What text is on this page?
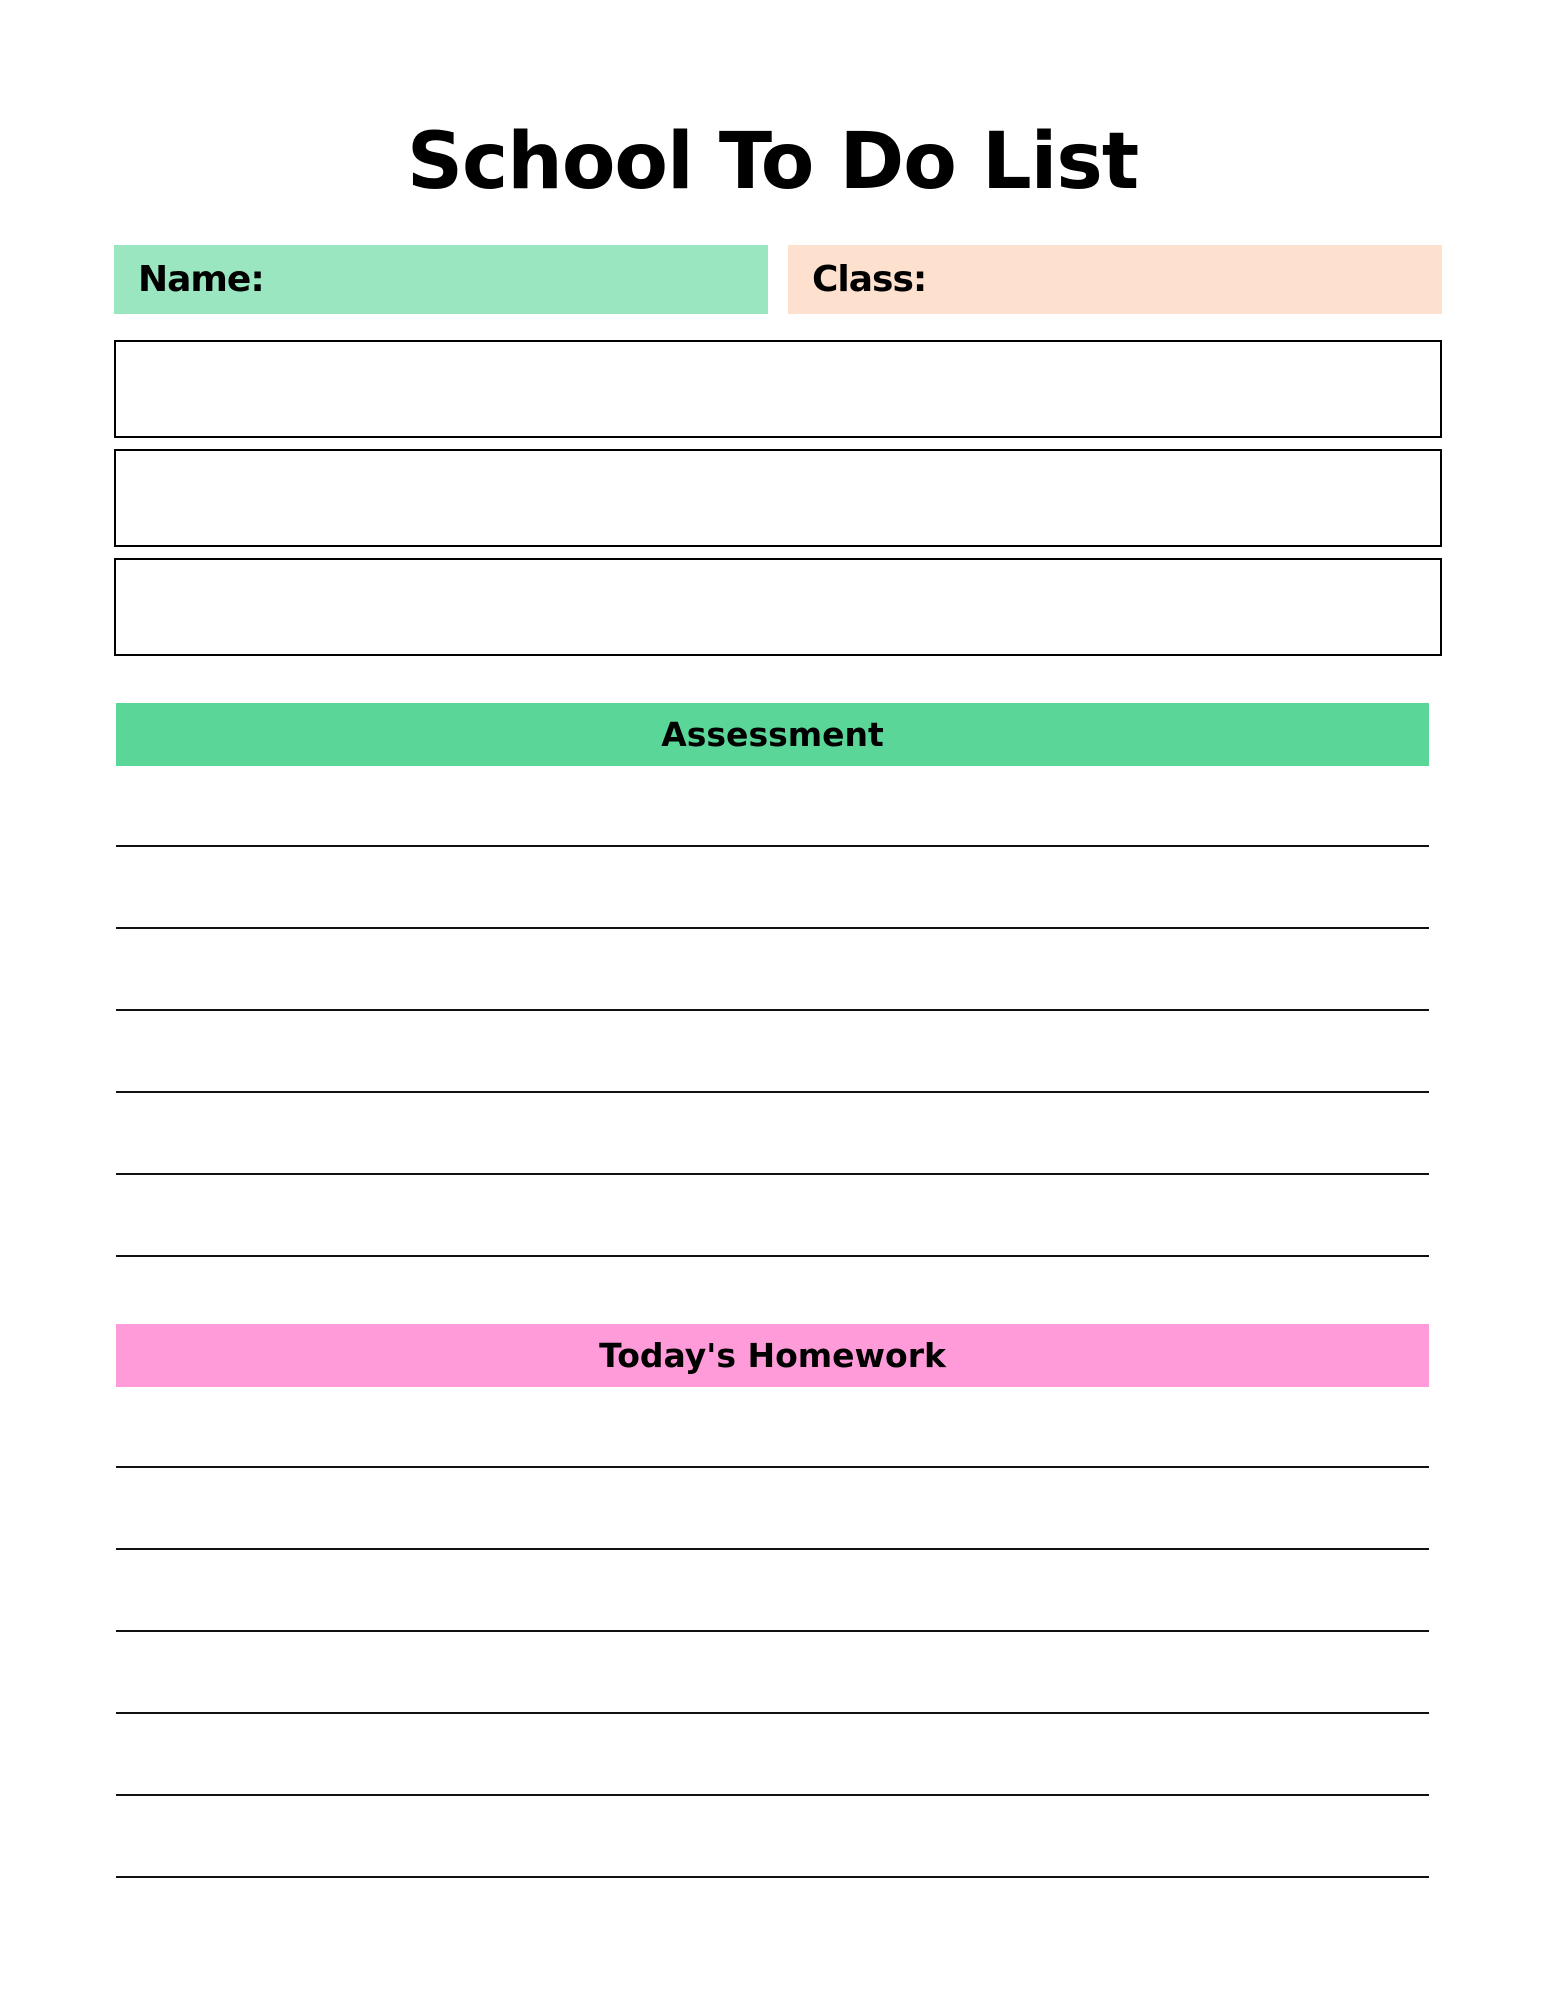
School To Do List
Name:	Class:
Assessment
Today's Homework
